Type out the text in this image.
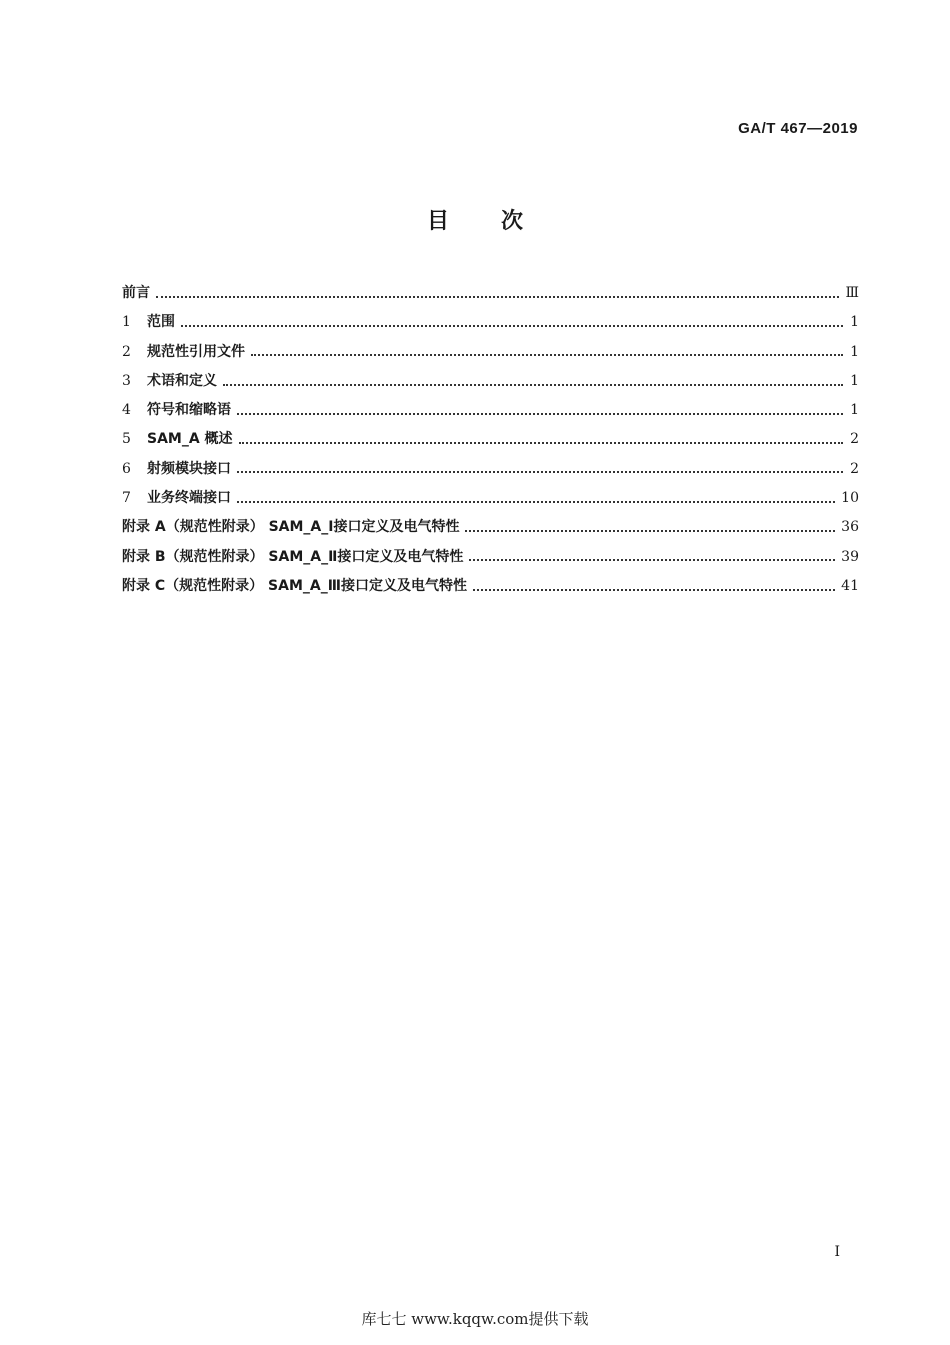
GA/T 467—2019
目次
前言	Ⅲ
1 范围	1
2 规范性引用文件	1
3 术语和定义	1
4 符号和缩略语	1
5 SAM_A 概述	2
6 射频模块接口	2
7 业务终端接口	10
附录 A（规范性附录） SAM_A_Ⅰ接口定义及电气特性	36
附录 B（规范性附录） SAM_A_Ⅱ接口定义及电气特性	39
附录 C（规范性附录） SAM_A_Ⅲ接口定义及电气特性	41
I
库七七 www.kqqw.com提供下载
